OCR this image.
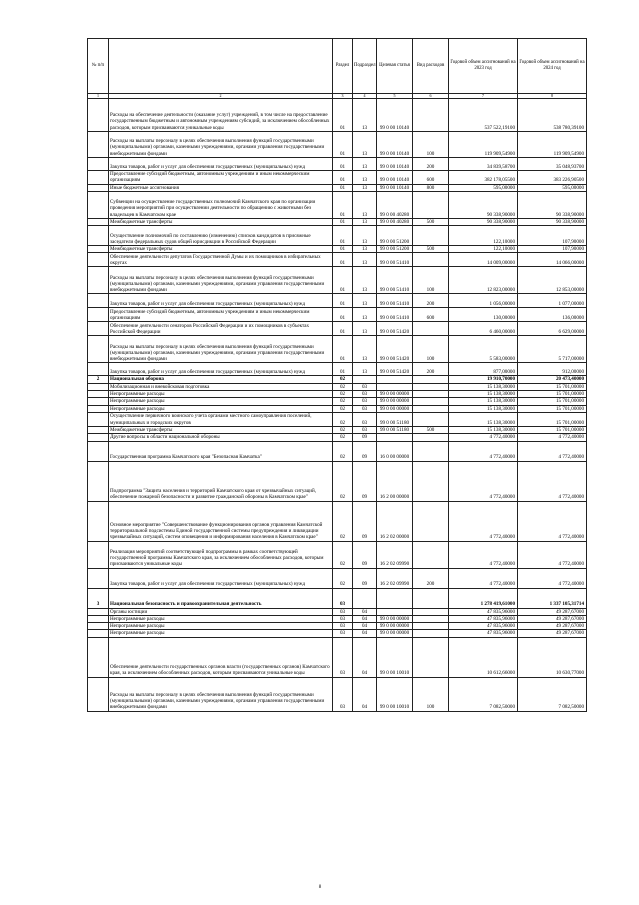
№ п/п		Раздел	Подраздел	Целевая статья	Вид расходов	Годовой объем ассигнований на 2023 год	Годовой объем ассигнований на 2024 год
1	2	3	4	5	6	7	8
	Расходы на обеспечение деятельности (оказание услуг) учреждений, в том числе на предоставление государственным бюджетным и автономным учреждениям субсидий, за исключением обособленных расходов, которым присваиваются уникальные коды	01	13	99 0 00 10140		537 522,19100	538 780,39100
	Расходы на выплаты персоналу в целях обеспечения выполнения функций государственными (муниципальными) органами, казенными учреждениями, органами управления государственными внебюджетными фондами	01	13	99 0 00 10140	100	119 909,54900	119 909,54900
	Закупка товаров, работ и услуг для обеспечения государственных (муниципальных) нужд	01	13	99 0 00 10140	200	34 839,58700	35 048,93700
	Предоставление субсидий бюджетным, автономным учреждениям и иным некоммерческим организациям	01	13	99 0 00 10140	600	382 178,05500	383 226,90500
	Иные бюджетные ассигнования	01	13	99 0 00 10140	800	595,00000	595,00000
	Субвенции на осуществление государственных полномочий Камчатского края по организации проведения мероприятий при осуществлении деятельности по обращению с животными без владельцев в Камчатском крае	01	13	99 0 00 40280		90 338,90000	90 338,90000
	Межбюджетные трансферты	01	13	99 0 00 40280	500	90 338,90000	90 338,90000
	Осуществление полномочий по составлению (изменению) списков кандидатов в присяжные заседатели федеральных судов общей юрисдикции в Российской Федерации	01	13	99 0 00 51200		122,10000	107,90000
	Межбюджетные трансферты	01	13	99 0 00 51200	500	122,10000	107,90000
	Обеспечение деятельности депутатов Государственной Думы и их помощников в избирательных округах	01	13	99 0 00 51410		14 009,00000	14 066,00000
	Расходы на выплаты персоналу в целях обеспечения выполнения функций государственными (муниципальными) органами, казенными учреждениями, органами управления государственными внебюджетными фондами	01	13	99 0 00 51410	100	12 823,00000	12 853,00000
	Закупка товаров, работ и услуг для обеспечения государственных (муниципальных) нужд	01	13	99 0 00 51410	200	1 056,00000	1 077,00000
	Предоставление субсидий бюджетным, автономным учреждениям и иным некоммерческим организациям	01	13	99 0 00 51410	600	130,00000	136,00000
	Обеспечение деятельности сенаторов Российской Федерации и их помощников в субъектах Российской Федерации	01	13	99 0 00 51420		6 460,00000	6 629,00000
	Расходы на выплаты персоналу в целях обеспечения выполнения функций государственными (муниципальными) органами, казенными учреждениями, органами управления государственными внебюджетными фондами	01	13	99 0 00 51420	100	5 583,00000	5 717,00000
	Закупка товаров, работ и услуг для обеспечения государственных (муниципальных) нужд	01	13	99 0 00 51420	200	877,00000	912,00000
2	Национальная оборона	02				19 910,70000	20 473,40000
	Мобилизационная и вневойсковая подготовка	02	03			15 138,30000	15 701,00000
	Непрограммные расходы	02	03	99 0 00 00000		15 138,30000	15 701,00000
	Непрограммные расходы	02	03	99 0 00 00000		15 138,30000	15 701,00000
	Непрограммные расходы	02	03	99 0 00 00000		15 138,30000	15 701,00000
	Осуществление первичного воинского учета органами местного самоуправления поселений, муниципальных и городских округов	02	03	99 0 00 51180		15 138,30000	15 701,00000
	Межбюджетные трансферты	02	03	99 0 00 51180	500	15 138,30000	15 701,00000
	Другие вопросы в области национальной обороны	02	09			4 772,40000	4 772,40000
	Государственная программа Камчатского края "Безопасная Камчатка"	02	09	16 0 00 00000		4 772,40000	4 772,40000
	Подпрограмма "Защита населения и территорий Камчатского края от чрезвычайных ситуаций, обеспечение пожарной безопасности и развитие гражданской обороны в Камчатском крае"	02	09	16 2 00 00000		4 772,40000	4 772,40000
	Основное мероприятие "Совершенствование функционирования органов управления Камчатской территориальной подсистемы Единой государственной системы предупреждения и ликвидации чрезвычайных ситуаций, систем оповещения и информирования населения в Камчатском крае"	02	09	16 2 02 00000		4 772,40000	4 772,40000
	Реализация мероприятий соответствующей подпрограммы в рамках соответствующей государственной программы Камчатского края, за исключением обособленных расходов, которым присваиваются уникальные коды	02	09	16 2 02 09990		4 772,40000	4 772,40000
	Закупка товаров, работ и услуг для обеспечения государственных (муниципальных) нужд	02	09	16 2 02 09990	200	4 772,40000	4 772,40000
3	Национальная безопасность и правоохранительная деятельность	03				1 278 419,61000	1 337 105,31714
	Органы юстиции	03	04			47 835,96000	49 287,67000
	Непрограммные расходы	03	04	99 0 00 00000		47 835,96000	49 287,67000
	Непрограммные расходы	03	04	99 0 00 00000		47 835,96000	49 287,67000
	Непрограммные расходы	03	04	99 0 00 00000		47 835,96000	49 287,67000
	Обеспечение деятельности государственных органов власти (государственных органов) Камчатского края, за исключением обособленных расходов, которым присваиваются уникальные коды	03	04	99 0 00 10010		10 612,66000	10 630,77000
	Расходы на выплаты персоналу в целях обеспечения выполнения функций государственными (муниципальными) органами, казенными учреждениями, органами управления государственными внебюджетными фондами	03	04	99 0 00 10010	100	7 082,50000	7 082,50000
8
